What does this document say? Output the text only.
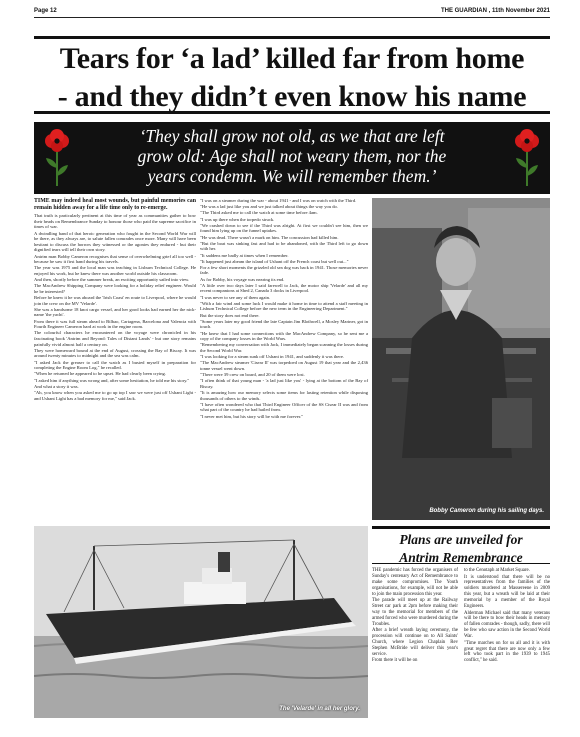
Page 12	THE GUARDIAN , 11th November 2021
Tears for ‘a lad’ killed far from home
- and they didn’t even know his name
‘They shall grow not old, as we that are left
grow old: Age shall not weary them, nor the
years condemn. We will remember them.’

TIME may indeed heal most wounds, but painful memories can remain hidden away for a life time only to re-emerge.

That truth is particularly pertinent at this time of year as communities gather to bow their heads on Remembrance Sunday to honour those who paid the supreme sacrifice in times of war.

A dwindling band of that heroic generation who fought in the Second World War will be there, as they always are, to salute fallen comrades once more. Many will have been hesitant to discuss the horrors they witnessed or the agonies they endured - but their dignified tears will tell their own story.

Antrim man Bobby Cameron recognises that sense of overwhelming grief all too well - because he saw it first hand during his travels.

The year was 1975 and the local man was teaching in Lisburn Technical College. He enjoyed his work, but he knew there was another world outside his classroom.

And then, shortly before the summer break, an exciting opportunity sailed into view.

The MacAndrew Shipping Company were looking for a holiday relief engineer. Would he be interested?

Before he knew it he was aboard the 'Irish Coast' en route to Liverpool, where he would join the crew on the MV 'Velarde'.

She was a handsome 18 knot cargo vessel, and her good looks had earned her the nick-name 'the yacht'.

From there it was full steam ahead to Bilbao, Cartagena, Barcelona and Valencia with Fourth Engineer Cameron hard at work in the engine room.

The colourful characters he encountered on the voyage were chronicled in his fascinating book 'Antrim and Beyond: Tales of Distant Lands' - but one story remains painfully vivid almost half a century on.

They were homeward bound at the end of August, crossing the Bay of Biscay. It was around twenty minutes to midnight and the sea was calm.

"I asked Jack the greaser to call the watch as I busied myself in preparation for completing the Engine Room Log," he recalled.

"When he returned he appeared to be upset. He had clearly been crying.

"I asked him if anything was wrong and, after some hesitation, he told me his story."

And what a story it was.

"Ah, you know when you asked me to go up top I saw we were just off Ushant Light - and Ushant Light has a bad memory for me," said Jack.

"I was on a steamer during the war - about 1941 - and I was on watch with the Third.

"He was a lad just like you and we just talked about things the way you do.

"The Third asked me to call the watch at some time before 4am.

"I was up there when the torpedo struck.

"We crashed down to see if the Third was alright. At first we couldn't see him, then we found him lying up on the funnel uptakes.

"He was dead. There wasn't a mark on him. The concussion had killed him.

"But the boat was sinking fast and had to be abandoned, with the Third left to go down with her.

"It saddens me badly at times when I remember.

"It happened just abeam the island of Ushant off the French coast but well out..."

For a few short moments the grizzled old sea dog was back in 1941. Those memories never fade.

As for Bobby, his voyage was nearing its end.

"A little over two days later I said farewell to Jack, the motor ship 'Velarde' and all my recent companions at Shed 2, Canada 3 docks in Liverpool.

"I was never to see any of them again.

"With a fair wind and some luck I would make it home in time to attend a staff meeting in Lisburn Technical College before the new term in the Engineering Department."

But the story does not end there.

"Some years later my good friend the late Captain Jim Blothwell, a Mosley Mariner, got in touch.

"He knew that I had some connections with the MacAndrew Company, so he sent me a copy of the company losses in the World Wars.

"Remembering my conversation with Jack, I immediately began scanning the losses during the Second World War.

"I was looking for a steam sunk off Ushant in 1941, and suddenly it was there.

"The MacAndrew steamer 'Cisear II' was torpedoed on August 19 that year and the 2,436 tonne vessel went down.

"There were 39 crew on board, and 20 of them were lost.

"I often think of that young man - 'a lad just like you' - lying at the bottom of the Bay of Biscay.

"It is amazing how our memory selects some items for lasting retention while disposing thousands of others to the winds.

"I have often wondered who that Third Engineer Officer of the SS Cisear II was and from what part of the country he had hailed from.

"I never met him, but his story will be with me forever."

Bobby Cameron during his sailing days.
The 'Velarde' in all her glory.
Plans are unveiled for
Antrim Remembrance

THE pandemic has forced the organisers of Sunday's centenary Act of Remembrance to make some compromises. The Youth organisations, for example, will not be able to join the main procession this year.

The parade will meet up at the Railway Street car park at 2pm before making their way to the memorial for members of the armed forced who were murdered during the Troubles.

After a brief wreath laying ceremony, the procession will continue on to All Saints' Church, where Legion Chaplain Rev Stephen McBride will deliver this year's service.

From there it will be on

to the Cenotaph at Market Square.

It is understood that there will be no representatives from the families of the soldiers murdered at Massereene in 2009 this year, but a wreath will be laid at their memorial by a member of the Royal Engineers.

Alderman Michael said that many veterans will be there to bow their heads in memory of fallen comrades - though, sadly, there will be few who saw action in the Second World War.

"Time marches on for us all and it is with great regret that there are now only a few left who took part in the 1939 to 1945 conflict," he said.
